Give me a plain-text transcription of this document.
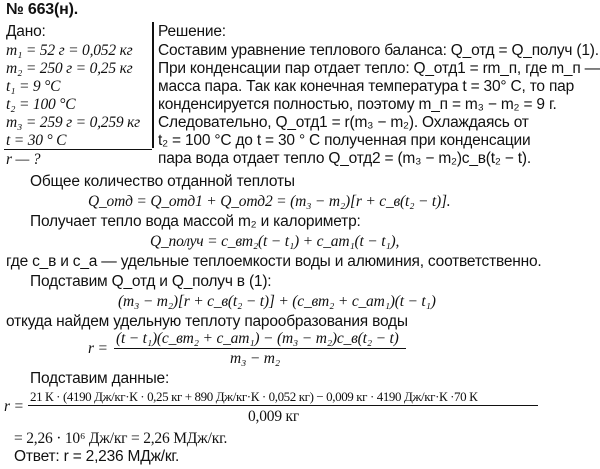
№ 663(н).
Дано:	Решение:
m₁ = 52 г = 0,052 кг
m₂ = 250 г = 0,25 кг
t₁ = 9 °С
t₂ = 100 °С
m₃ = 259 г = 0,259 кг
t = 30 ° С
r — ?
Составим уравнение теплового баланса: Q_отд = Q_получ (1).
При конденсации пар отдает тепло: Q_отд1 = rm_п, где m_п —
масса пара. Так как конечная температура t = 30° С, то пар
конденсируется полностью, поэтому m_п = m₃ − m₂ = 9 г.
Следовательно, Q_отд1 = r(m₃ − m₂). Охлаждаясь от
t₂ = 100 °С до t = 30 ° С полученная при конденсации
пара вода отдает тепло Q_отд2 = (m₃ − m₂)c_в(t₂ − t).
Общее количество отданной теплоты
Q_отд = Q_отд1 + Q_отд2 = (m₃ − m₂)[r + c_в(t₂ − t)].
Получает тепло вода массой m₂ и калориметр:
Q_получ = c_вm₂(t − t₁) + c_аm₁(t − t₁),
где c_в и c_а — удельные теплоемкости воды и алюминия, соответственно.
Подставим Q_отд и Q_получ в (1):
(m₃ − m₂)[r + c_в(t₂ − t)] + (c_вm₂ + c_аm₁)(t − t₁)
откуда найдем удельную теплоту парообразования воды
r =
(t − t₁)(c_вm₂ + c_аm₁) − (m₃ − m₂)c_в(t₂ − t)
m₃ − m₂
Подставим данные:
r =
21 К · (4190 Дж/кг·К · 0,25 кг + 890 Дж/кг·К · 0,052 кг) − 0,009 кг · 4190 Дж/кг·К ·70 К
0,009 кг
= 2,26 · 10⁶ Дж/кг = 2,26 МДж/кг.
Ответ: r = 2,236 МДж/кг.
